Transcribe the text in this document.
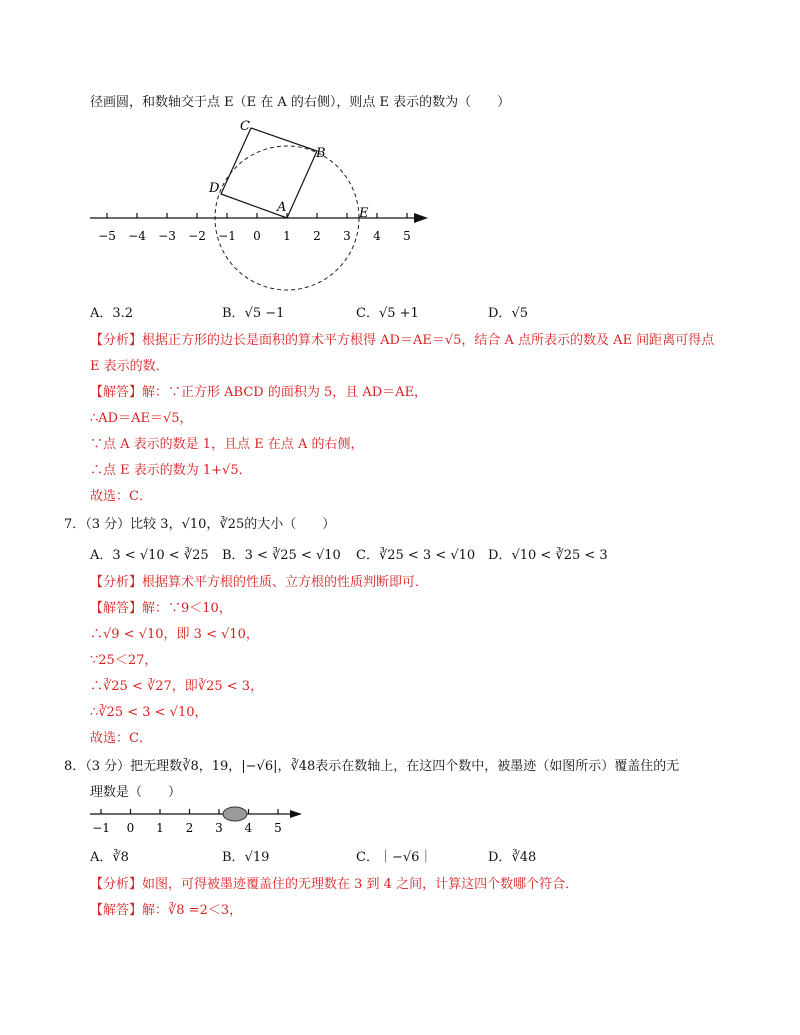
径画圆，和数轴交于点 E（E 在 A 的右侧），则点 E 表示的数为（　　）
−5 −4 −3 −2 −1 0 1 2 3 4 5
C
B
D
A	E
A．3.2	B．√5 −1	C．√5 +1	D．√5
【分析】根据正方形的边长是面积的算术平方根得 AD＝AE＝√5，结合 A 点所表示的数及 AE 间距离可得点
E 表示的数．
【解答】解：∵正方形 ABCD 的面积为 5，且 AD＝AE，
∴AD＝AE＝√5，
∵点 A 表示的数是 1，且点 E 在点 A 的右侧，
∴点 E 表示的数为 1+√5．
故选：C．
7．（3 分）比较 3，√10，∛25的大小（　　）
A．3 < √10 < ∛25 B．3 < ∛25 < √10 C．∛25 < 3 < √10 D．√10 < ∛25 < 3
【分析】根据算术平方根的性质、立方根的性质判断即可．
【解答】解：∵9＜10，
∴√9 < √10，即 3 < √10，
∵25＜27，
∴∛25 < ∛27，即∛25 < 3，
∴∛25 < 3 < √10，
故选：C．
8．（3 分）把无理数∛8，19，|−√6|，∛48表示在数轴上，在这四个数中，被墨迹（如图所示）覆盖住的无
理数是（　　）
−1 0 1 2 3 4 5
A．∛8	B．√19	C．｜−√6｜	D．∛48
【分析】如图，可得被墨迹覆盖住的无理数在 3 到 4 之间，计算这四个数哪个符合．
【解答】解：∛8 =2＜3，
